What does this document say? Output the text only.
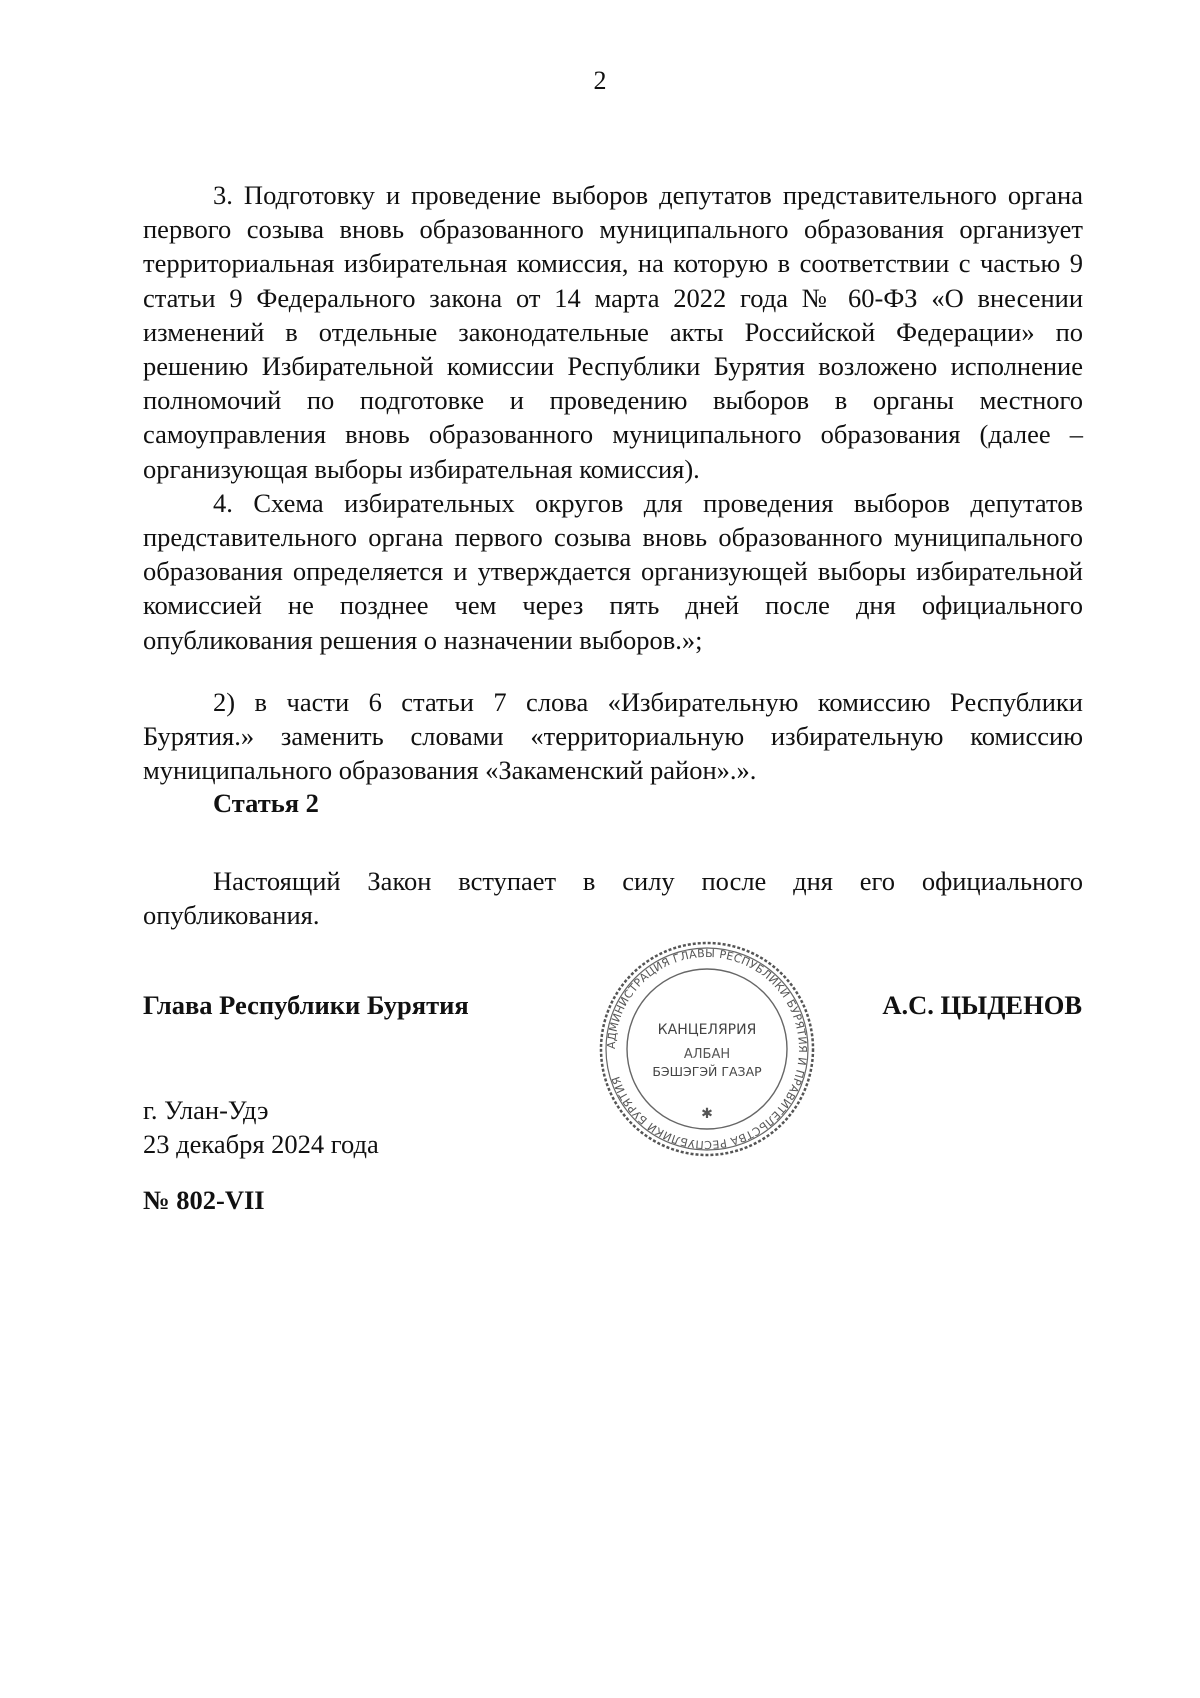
2

3. Подготовку и проведение выборов депутатов представительного органа первого созыва вновь образованного муниципального образования организует территориальная избирательная комиссия, на которую в соответствии с частью 9 статьи 9 Федерального закона от 14 марта 2022 года № 60-ФЗ «О внесении изменений в отдельные законодательные акты Российской Федерации» по решению Избирательной комиссии Республики Бурятия возложено исполнение полномочий по подготовке и проведению выборов в органы местного самоуправления вновь образованного муниципального образования (далее – организующая выборы избирательная комиссия).

4. Схема избирательных округов для проведения выборов депутатов представительного органа первого созыва вновь образованного муниципального образования определяется и утверждается организующей выборы избирательной комиссией не позднее чем через пять дней после дня официального опубликования решения о назначении выборов.»;

2) в части 6 статьи 7 слова «Избирательную комиссию Республики Бурятия.» заменить словами «территориальную избирательную комиссию муниципального образования «Закаменский район».».

Статья 2

Настоящий Закон вступает в силу после дня его официального опубликования.

Глава Республики Бурятия
АДМИНИСТРАЦИЯ ГЛАВЫ РЕСПУБЛИКИ БУРЯТИЯ И ПРАВИТЕЛЬСТВА РЕСПУБЛИКИ БУРЯТИЯ
КАНЦЕЛЯРИЯ
АЛБАН
БЭШЭГЭЙ ГАЗАР
✱
А.С. ЦЫДЕНОВ
г. Улан-Удэ
23 декабря 2024 года
№ 802-VII
